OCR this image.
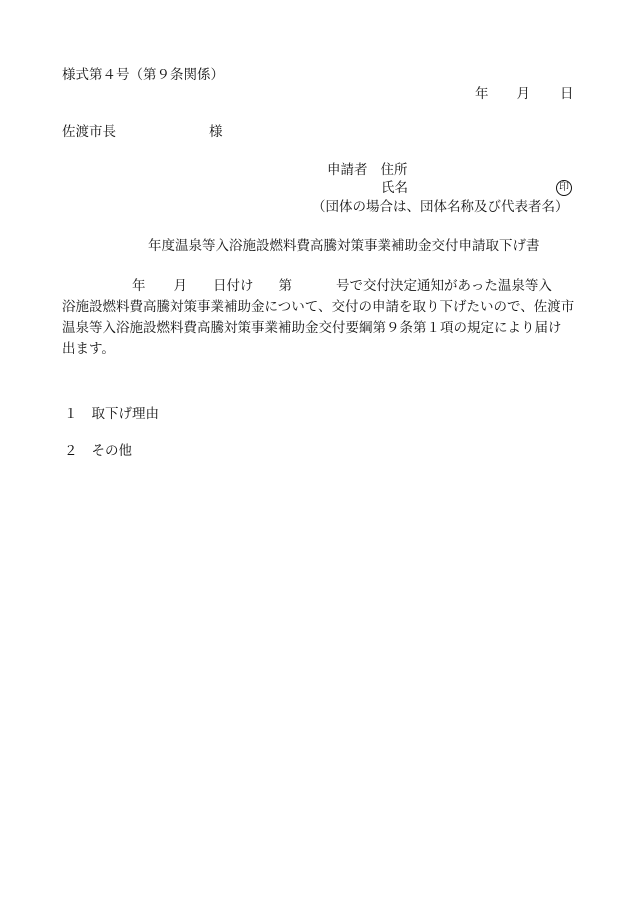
様式第４号（第９条関係）
年 月 日
佐渡市長	様
申請者 住所
氏名	印
（団体の場合は、団体名称及び代表者名）
年度温泉等入浴施設燃料費高騰対策事業補助金交付申請取下げ書
年 月 日付け 第	号で交付決定通知があった温泉等入
浴施設燃料費高騰対策事業補助金について、交付の申請を取り下げたいので、佐渡市
温泉等入浴施設燃料費高騰対策事業補助金交付要綱第９条第１項の規定により届け
出ます。
１ 取下げ理由
２ その他
